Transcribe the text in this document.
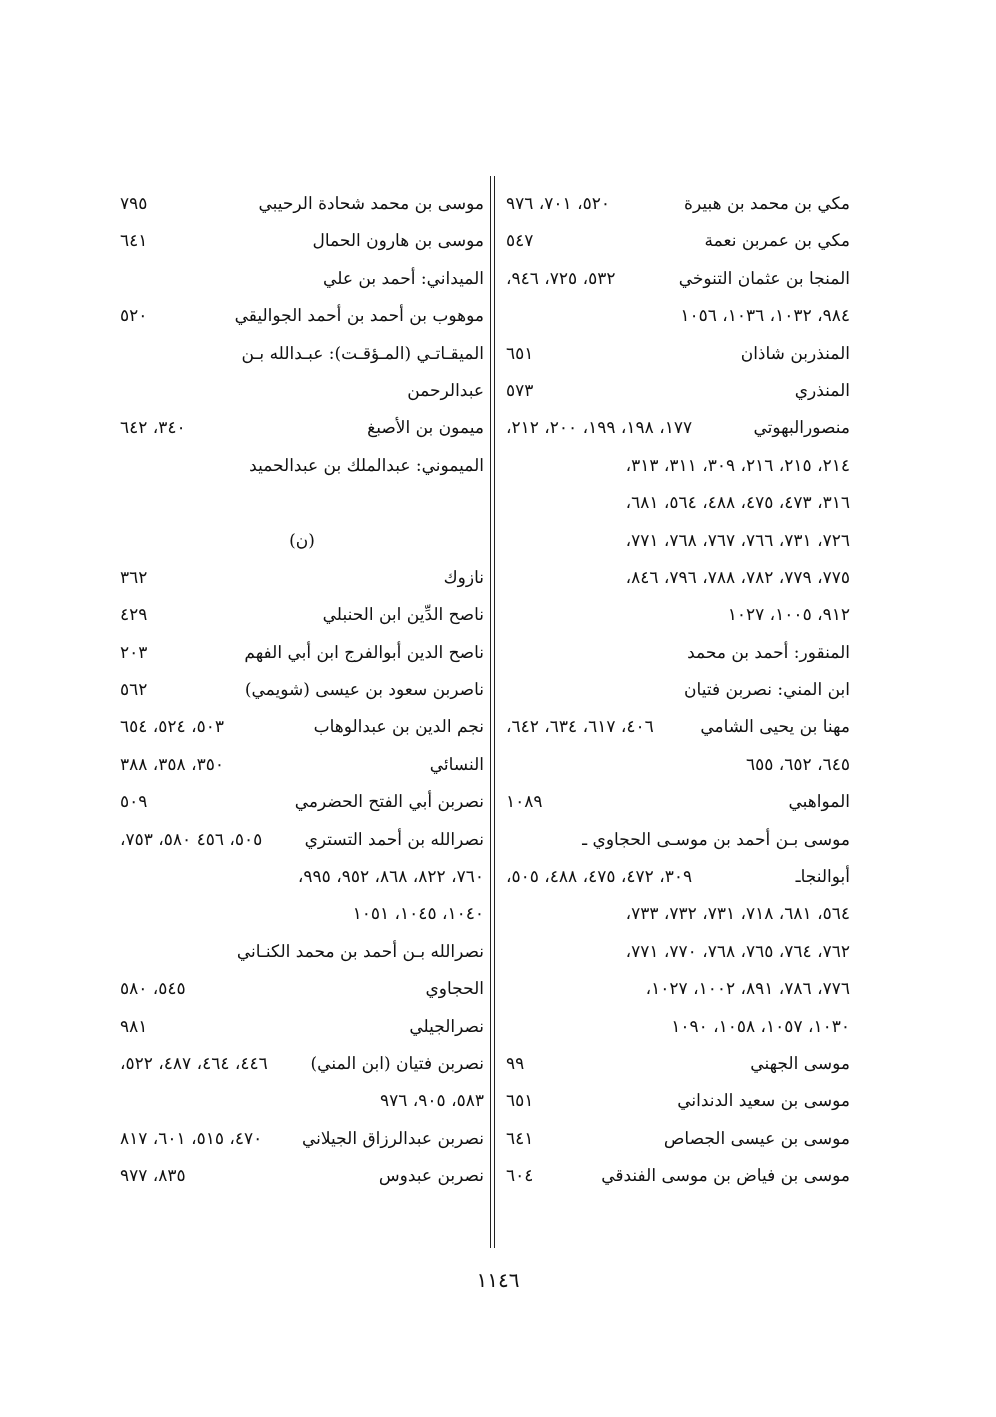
مكي بن محمد بن هبيرة
٥٢٠، ٧٠١، ٩٧٦
مكي بن عمربن نعمة
٥٤٧
المنجا بن عثمان التنوخي
٥٣٢، ٧٢٥، ٩٤٦،
٩٨٤، ١٠٣٢، ١٠٣٦، ١٠٥٦
المنذربن شاذان
٦٥١
المنذري
٥٧٣
منصورالبهوتي
١٧٧، ١٩٨، ١٩٩، ٢٠٠، ٢١٢،
٢١٤، ٢١٥، ٢١٦، ٣٠٩، ٣١١، ٣١٣،
٣١٦، ٤٧٣، ٤٧٥، ٤٨٨، ٥٦٤، ٦٨١،
٧٢٦، ٧٣١، ٧٦٦، ٧٦٧، ٧٦٨، ٧٧١،
٧٧٥، ٧٧٩، ٧٨٢، ٧٨٨، ٧٩٦، ٨٤٦،
٩١٢، ١٠٠٥، ١٠٢٧
المنقور: أحمد بن محمد
ابن المني: نصربن فتيان
مهنا بن يحيى الشامي
٤٠٦، ٦١٧، ٦٣٤، ٦٤٢،
٦٤٥، ٦٥٢، ٦٥٥
المواهبي
١٠٨٩
موسى بـن أحمد بن موسـى الحجاوي ـ
أبوالنجاـ
٣٠٩، ٤٧٢، ٤٧٥، ٤٨٨، ٥٠٥،
٥٦٤، ٦٨١، ٧١٨، ٧٣١، ٧٣٢، ٧٣٣،
٧٦٢، ٧٦٤، ٧٦٥، ٧٦٨، ٧٧٠، ٧٧١،
٧٧٦، ٧٨٦، ٨٩١، ١٠٠٢، ١٠٢٧،
١٠٣٠، ١٠٥٧، ١٠٥٨، ١٠٩٠
موسى الجهني
٩٩
موسى بن سعيد الدنداني
٦٥١
موسى بن عيسى الجصاص
٦٤١
موسى بن فياض بن موسى الفندقي
٦٠٤
موسى بن محمد شحادة الرحيبي
٧٩٥
موسى بن هارون الحمال
٦٤١
الميداني: أحمد بن علي
موهوب بن أحمد بن أحمد الجواليقي
٥٢٠
الميقـاتـي (المـؤقـت): عبـدالله بـن
عبدالرحمن
ميمون بن الأصبغ
٣٤٠، ٦٤٢
الميموني: عبدالملك بن عبدالحميد
(ن)
نازوك
٣٦٢
ناصح الدِّين ابن الحنبلي
٤٢٩
ناصح الدين أبوالفرج ابن أبي الفهم
٢٠٣
ناصربن سعود بن عيسى (شويمي)
٥٦٢
نجم الدين بن عبدالوهاب
٥٠٣، ٥٢٤، ٦٥٤
النسائي
٣٥٠، ٣٥٨، ٣٨٨
نصربن أبي الفتح الحضرمي
٥٠٩
نصرالله بن أحمد التستري
٥٠٥، ٤٥٦ ٥٨٠، ٧٥٣،
٧٦٠، ٨٢٢، ٨٦٨، ٩٥٢، ٩٩٥،
١٠٤٠، ١٠٤٥، ١٠٥١
نصرالله بـن أحمد بن محمد الكنـاني
الحجاوي
٥٤٥، ٥٨٠
نصرالجيلي
٩٨١
نصربن فتيان (ابن المني)
٤٤٦، ٤٦٤، ٤٨٧، ٥٢٢،
٥٨٣، ٩٠٥، ٩٧٦
نصربن عبدالرزاق الجيلاني
٤٧٠، ٥١٥، ٦٠١، ٨١٧
نصربن عبدوس
٨٣٥، ٩٧٧
١١٤٦
